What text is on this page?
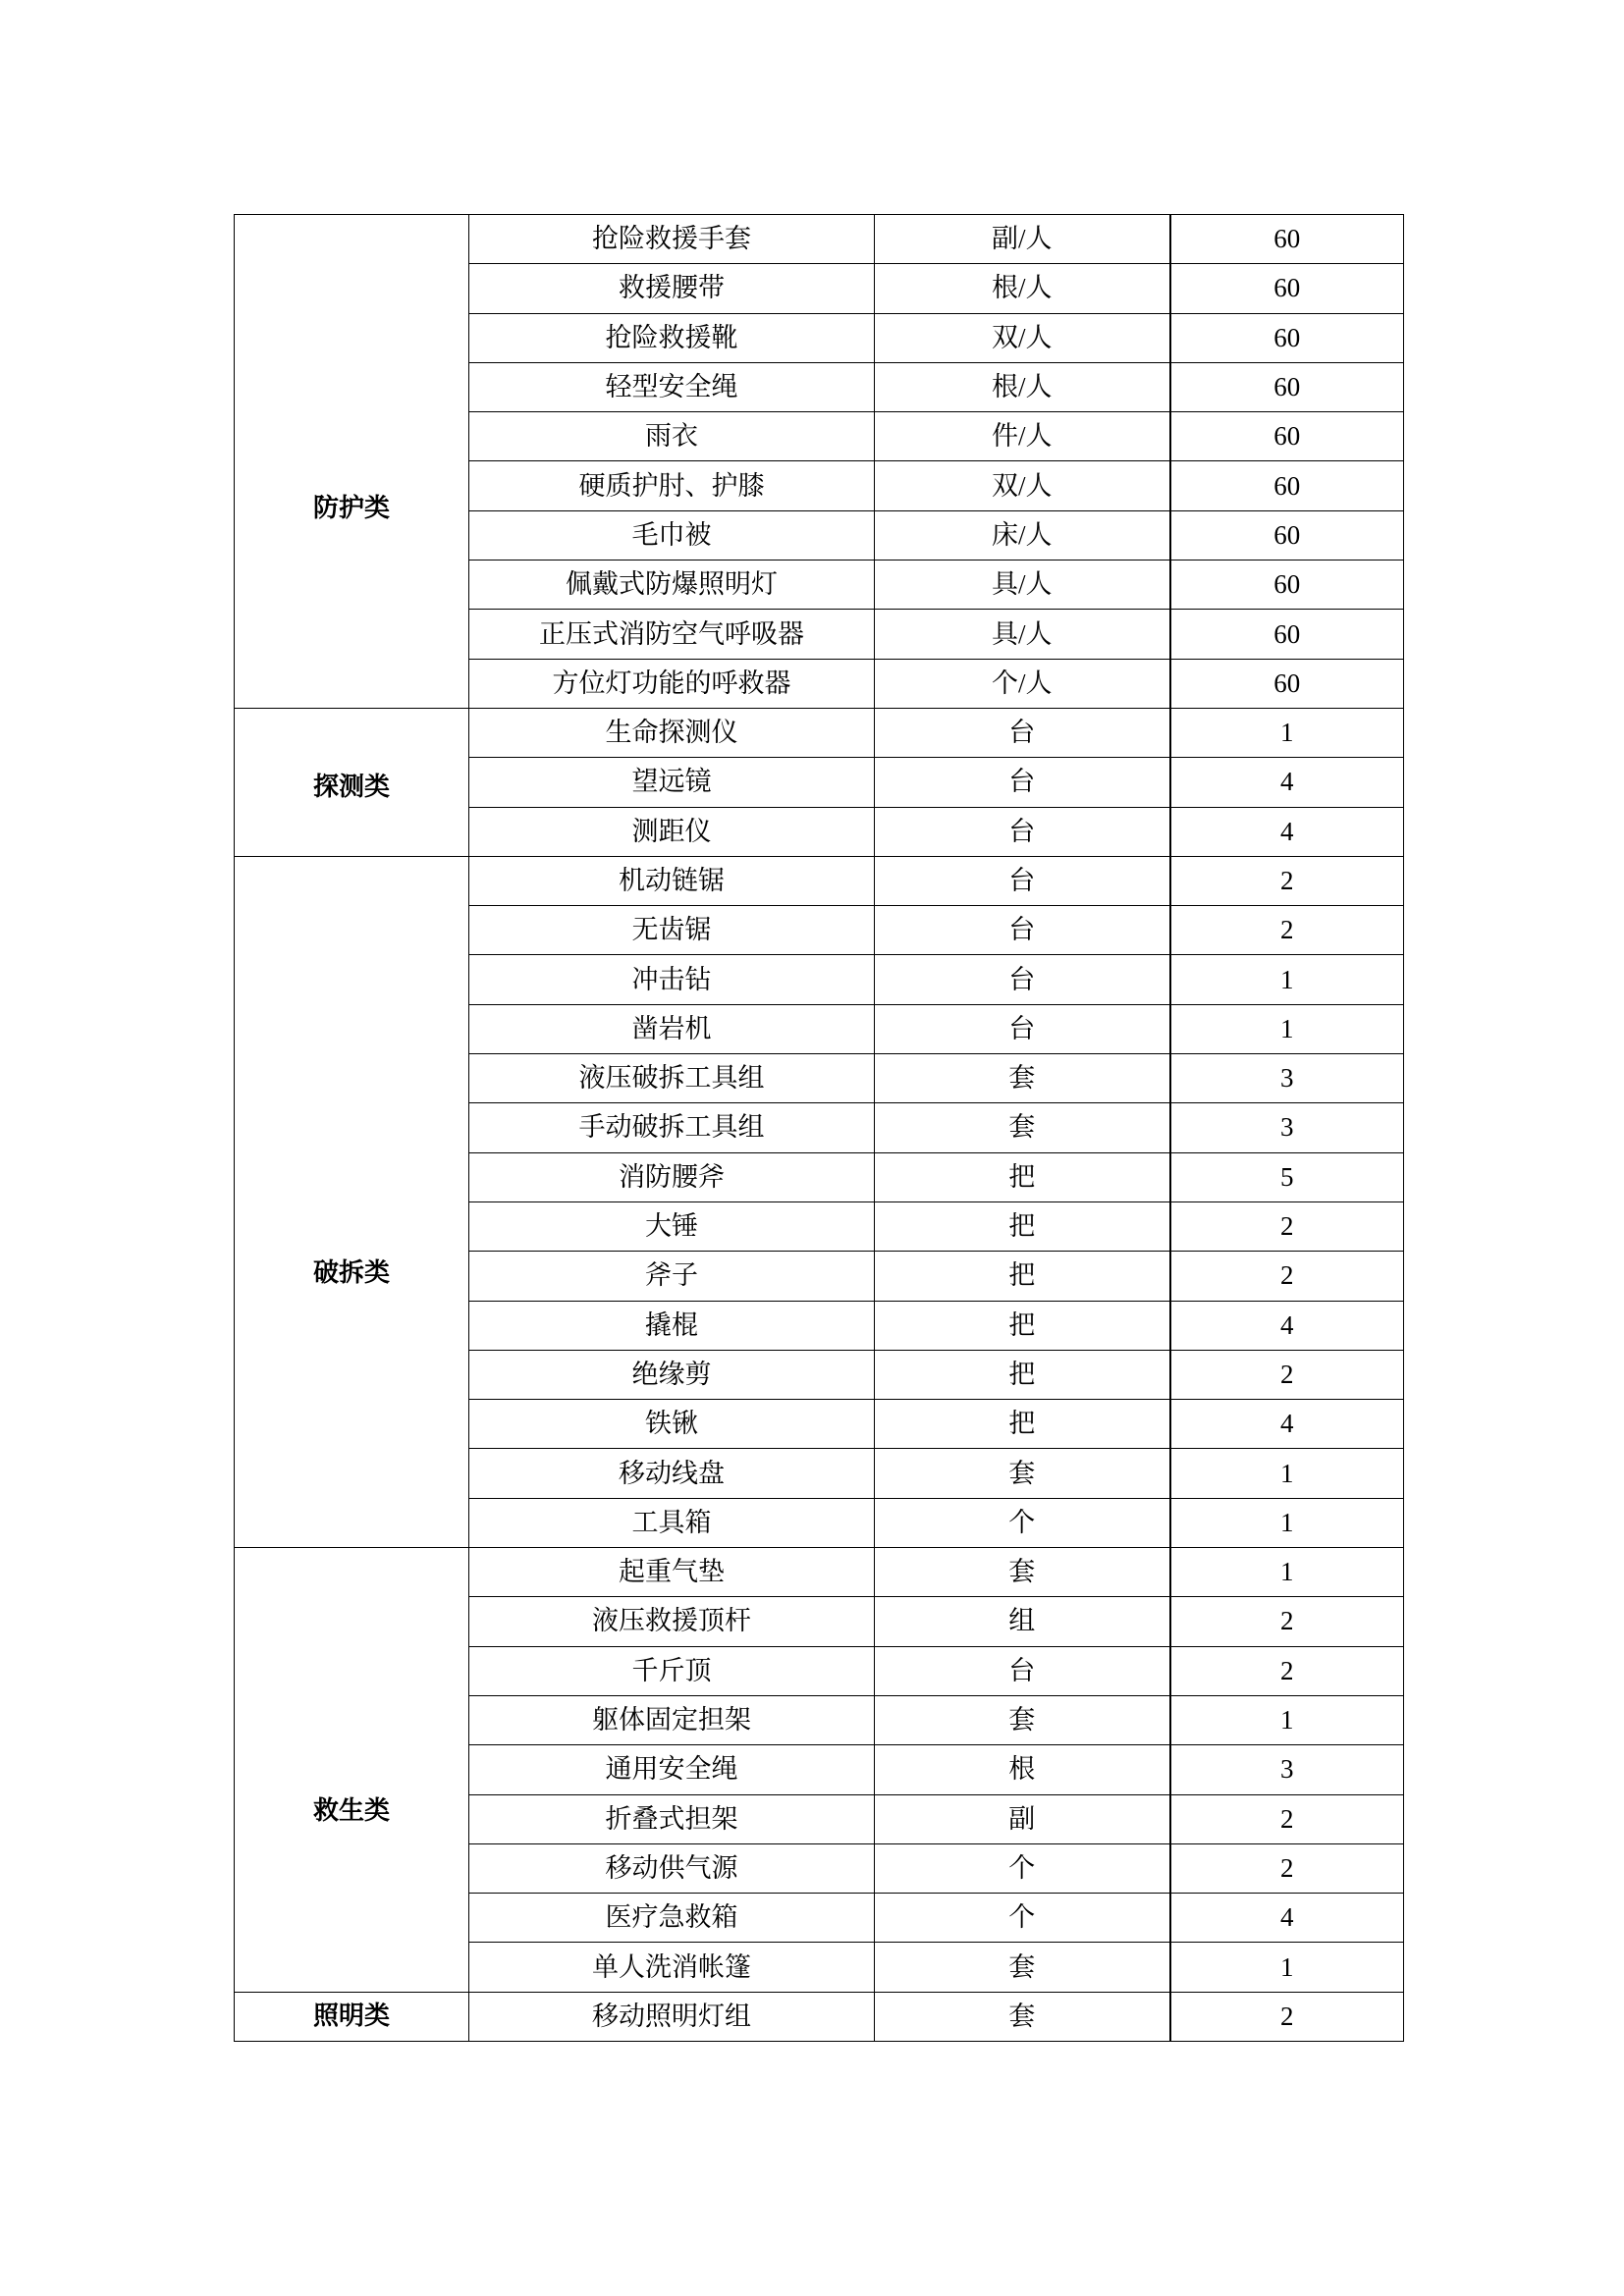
防护类	抢险救援手套	副/人	60
	救援腰带	根/人	60
	抢险救援靴	双/人	60
	轻型安全绳	根/人	60
	雨衣	件/人	60
	硬质护肘、护膝	双/人	60
	毛巾被	床/人	60
	佩戴式防爆照明灯	具/人	60
	正压式消防空气呼吸器	具/人	60
	方位灯功能的呼救器	个/人	60
探测类	生命探测仪	台	1
	望远镜	台	4
	测距仪	台	4
破拆类	机动链锯	台	2
	无齿锯	台	2
	冲击钻	台	1
	凿岩机	台	1
	液压破拆工具组	套	3
	手动破拆工具组	套	3
	消防腰斧	把	5
	大锤	把	2
	斧子	把	2
	撬棍	把	4
	绝缘剪	把	2
	铁锹	把	4
	移动线盘	套	1
	工具箱	个	1
救生类	起重气垫	套	1
	液压救援顶杆	组	2
	千斤顶	台	2
	躯体固定担架	套	1
	通用安全绳	根	3
	折叠式担架	副	2
	移动供气源	个	2
	医疗急救箱	个	4
	单人洗消帐篷	套	1
照明类	移动照明灯组	套	2
